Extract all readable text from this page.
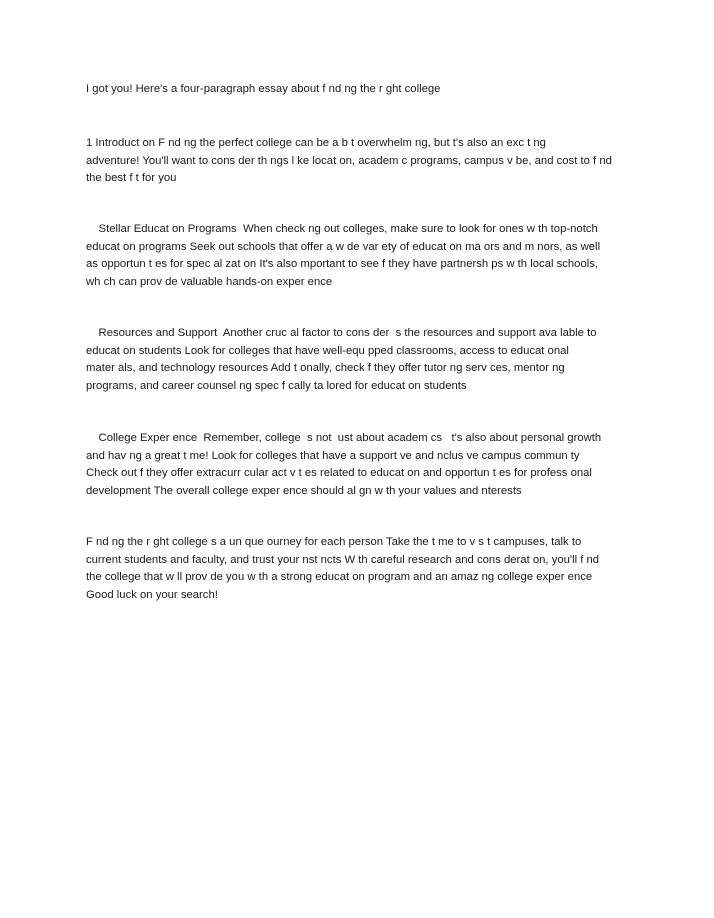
I got you! Here's a four-paragraph essay about f nd ng the r ght college
1 Introduct on F nd ng the perfect college can be a b t overwhelm ng, but t's also an exc t ng
adventure! You'll want to cons der th ngs l ke locat on, academ c programs, campus v be, and cost to f nd
the best f t for you
Stellar Educat on Programs  When check ng out colleges, make sure to look for ones w th top-notch
educat on programs Seek out schools that offer a w de var ety of educat on ma ors and m nors, as well
as opportun t es for spec al zat on It's also mportant to see f they have partnersh ps w th local schools,
wh ch can prov de valuable hands-on exper ence
Resources and Support  Another cruc al factor to cons der  s the resources and support ava lable to
educat on students Look for colleges that have well-equ pped classrooms, access to educat onal
mater als, and technology resources Add t onally, check f they offer tutor ng serv ces, mentor ng
programs, and career counsel ng spec f cally ta lored for educat on students
College Exper ence  Remember, college  s not  ust about academ cs   t's also about personal growth
and hav ng a great t me! Look for colleges that have a support ve and nclus ve campus commun ty
Check out f they offer extracurr cular act v t es related to educat on and opportun t es for profess onal
development The overall college exper ence should al gn w th your values and nterests
F nd ng the r ght college s a un que ourney for each person Take the t me to v s t campuses, talk to
current students and faculty, and trust your nst ncts W th careful research and cons derat on, you'll f nd
the college that w ll prov de you w th a strong educat on program and an amaz ng college exper ence
Good luck on your search!
